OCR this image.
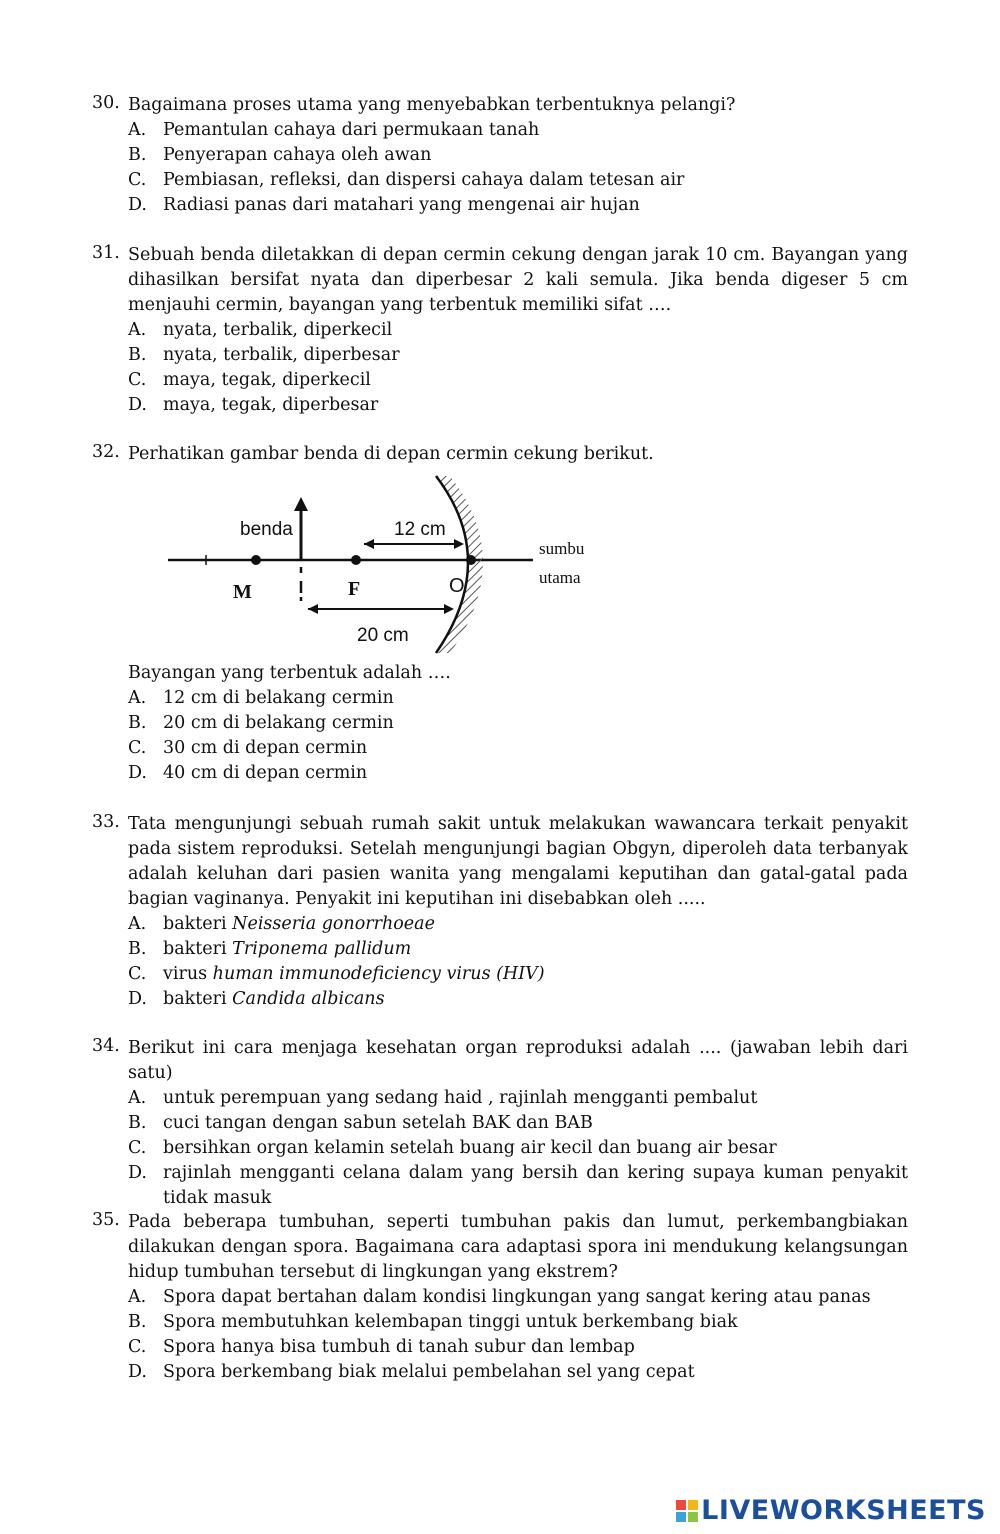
30. Bagaimana proses utama yang menyebabkan terbentuknya pelangi?
A. Pemantulan cahaya dari permukaan tanah
B. Penyerapan cahaya oleh awan
C. Pembiasan, refleksi, dan dispersi cahaya dalam tetesan air
D. Radiasi panas dari matahari yang mengenai air hujan
31. Sebuah benda diletakkan di depan cermin cekung dengan jarak 10 cm. Bayangan yang dihasilkan bersifat nyata dan diperbesar 2 kali semula. Jika benda digeser 5 cm menjauhi cermin, bayangan yang terbentuk memiliki sifat ….
A. nyata, terbalik, diperkecil
B. nyata, terbalik, diperbesar
C. maya, tegak, diperkecil
D. maya, tegak, diperbesar
32. Perhatikan gambar benda di depan cermin cekung berikut.
benda	12 cm
M	F	O
20 cm
sumbu
utama
Bayangan yang terbentuk adalah ….
A. 12 cm di belakang cermin
B. 20 cm di belakang cermin
C. 30 cm di depan cermin
D. 40 cm di depan cermin
33. Tata mengunjungi sebuah rumah sakit untuk melakukan wawancara terkait penyakit pada sistem reproduksi. Setelah mengunjungi bagian Obgyn, diperoleh data terbanyak adalah keluhan dari pasien wanita yang mengalami keputihan dan gatal-gatal pada bagian vaginanya. Penyakit ini keputihan ini disebabkan oleh .....
A. bakteri Neisseria gonorrhoeae
B. bakteri Triponema pallidum
C. virus human immunodeficiency virus (HIV)
D. bakteri Candida albicans
34. Berikut ini cara menjaga kesehatan organ reproduksi adalah .... (jawaban lebih dari satu)
A. untuk perempuan yang sedang haid , rajinlah mengganti pembalut
B. cuci tangan dengan sabun setelah BAK dan BAB
C. bersihkan organ kelamin setelah buang air kecil dan buang air besar
D. rajinlah mengganti celana dalam yang bersih dan kering supaya kuman penyakit tidak masuk
35. Pada beberapa tumbuhan, seperti tumbuhan pakis dan lumut, perkembangbiakan dilakukan dengan spora. Bagaimana cara adaptasi spora ini mendukung kelangsungan hidup tumbuhan tersebut di lingkungan yang ekstrem?
A. Spora dapat bertahan dalam kondisi lingkungan yang sangat kering atau panas
B. Spora membutuhkan kelembapan tinggi untuk berkembang biak
C. Spora hanya bisa tumbuh di tanah subur dan lembap
D. Spora berkembang biak melalui pembelahan sel yang cepat
LIVEWORKSHEETS
